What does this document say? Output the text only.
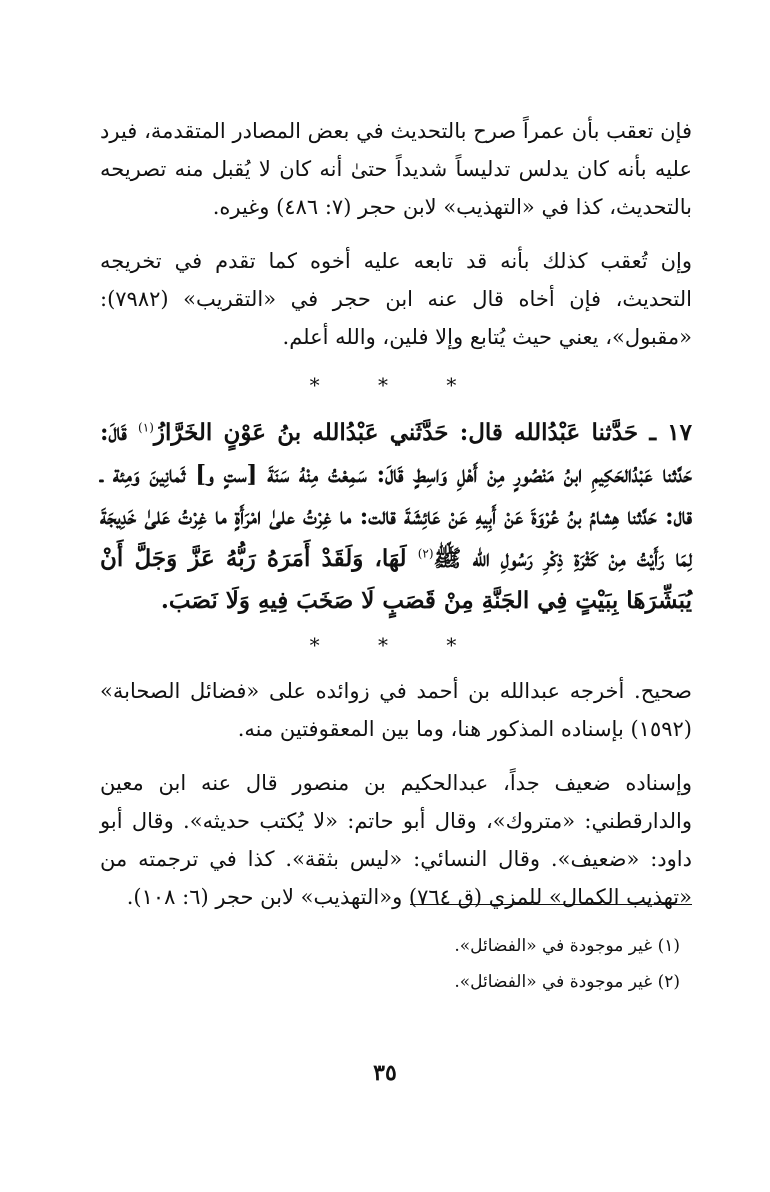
فإن تعقب بأن عمراً صرح بالتحديث في بعض المصادر المتقدمة، فيرد عليه بأنه كان يدلس تدليساً شديداً حتىٰ أنه كان لا يُقبل منه تصريحه بالتحديث، كذا في «التهذيب» لابن حجر (٧: ٤٨٦) وغيره.

وإن تُعقب كذلك بأنه قد تابعه عليه أخوه كما تقدم في تخريجه التحديث، فإن أخاه قال عنه ابن حجر في «التقريب» (٧٩٨٢): «مقبول»، يعني حيث يُتابع وإلا فلين، والله أعلم.

* * *

١٧ ـ حَدَّثنا عَبْدُالله قال: حَدَّثَني عَبْدُالله بنُ عَوْنٍ الخَرَّازُ$^{(١)}$ قَالَ: حَدَّثنا عَبْدُالحَكِيمِ ابنُ مَنْصُورٍ مِنْ أَهْلِ وَاسِطٍ قَالَ: سَمِعْتُ مِنْهُ سَنَةَ [ستٍ و] ثَمانِينَ وَمِئة ـ قال: حَدَّثنا هِشامُ بنُ عُرْوَةَ عَنْ أَبِيهِ عَنْ عَائِشَةَ قالت: ما غِرْتُ علىٰ امْرَأَةٍ ما غِرْتُ عَلىٰ خَدِيجَةَ لِمَا رَأَيْتُ مِنْ كَثْرَةِ ذِكْرِ رَسُولِ الله ﷺ$^{(٢)}$ لَهَا، وَلَقَدْ أَمَرَهُ رَبُّهُ عَزَّ وَجَلَّ أَنْ يُبَشِّرَهَا بِبَيْتٍ فِي الجَنَّةِ مِنْ قَصَبٍ لَا صَخَبَ فِيهِ وَلَا نَصَبَ.

* * *

صحيح. أخرجه عبدالله بن أحمد في زوائده على «فضائل الصحابة» (١٥٩٢) بإسناده المذكور هنا، وما بين المعقوفتين منه.

وإسناده ضعيف جداً، عبدالحكيم بن منصور قال عنه ابن معين والدارقطني: «متروك»، وقال أبو حاتم: «لا يُكتب حديثه». وقال أبو داود: «ضعيف». وقال النسائي: «ليس بثقة». كذا في ترجمته من «تهذيب الكمال» للمزي (ق ٧٦٤) و«التهذيب» لابن حجر (٦: ١٠٨).

(١) غير موجودة في «الفضائل».

(٢) غير موجودة في «الفضائل».

٣٥
